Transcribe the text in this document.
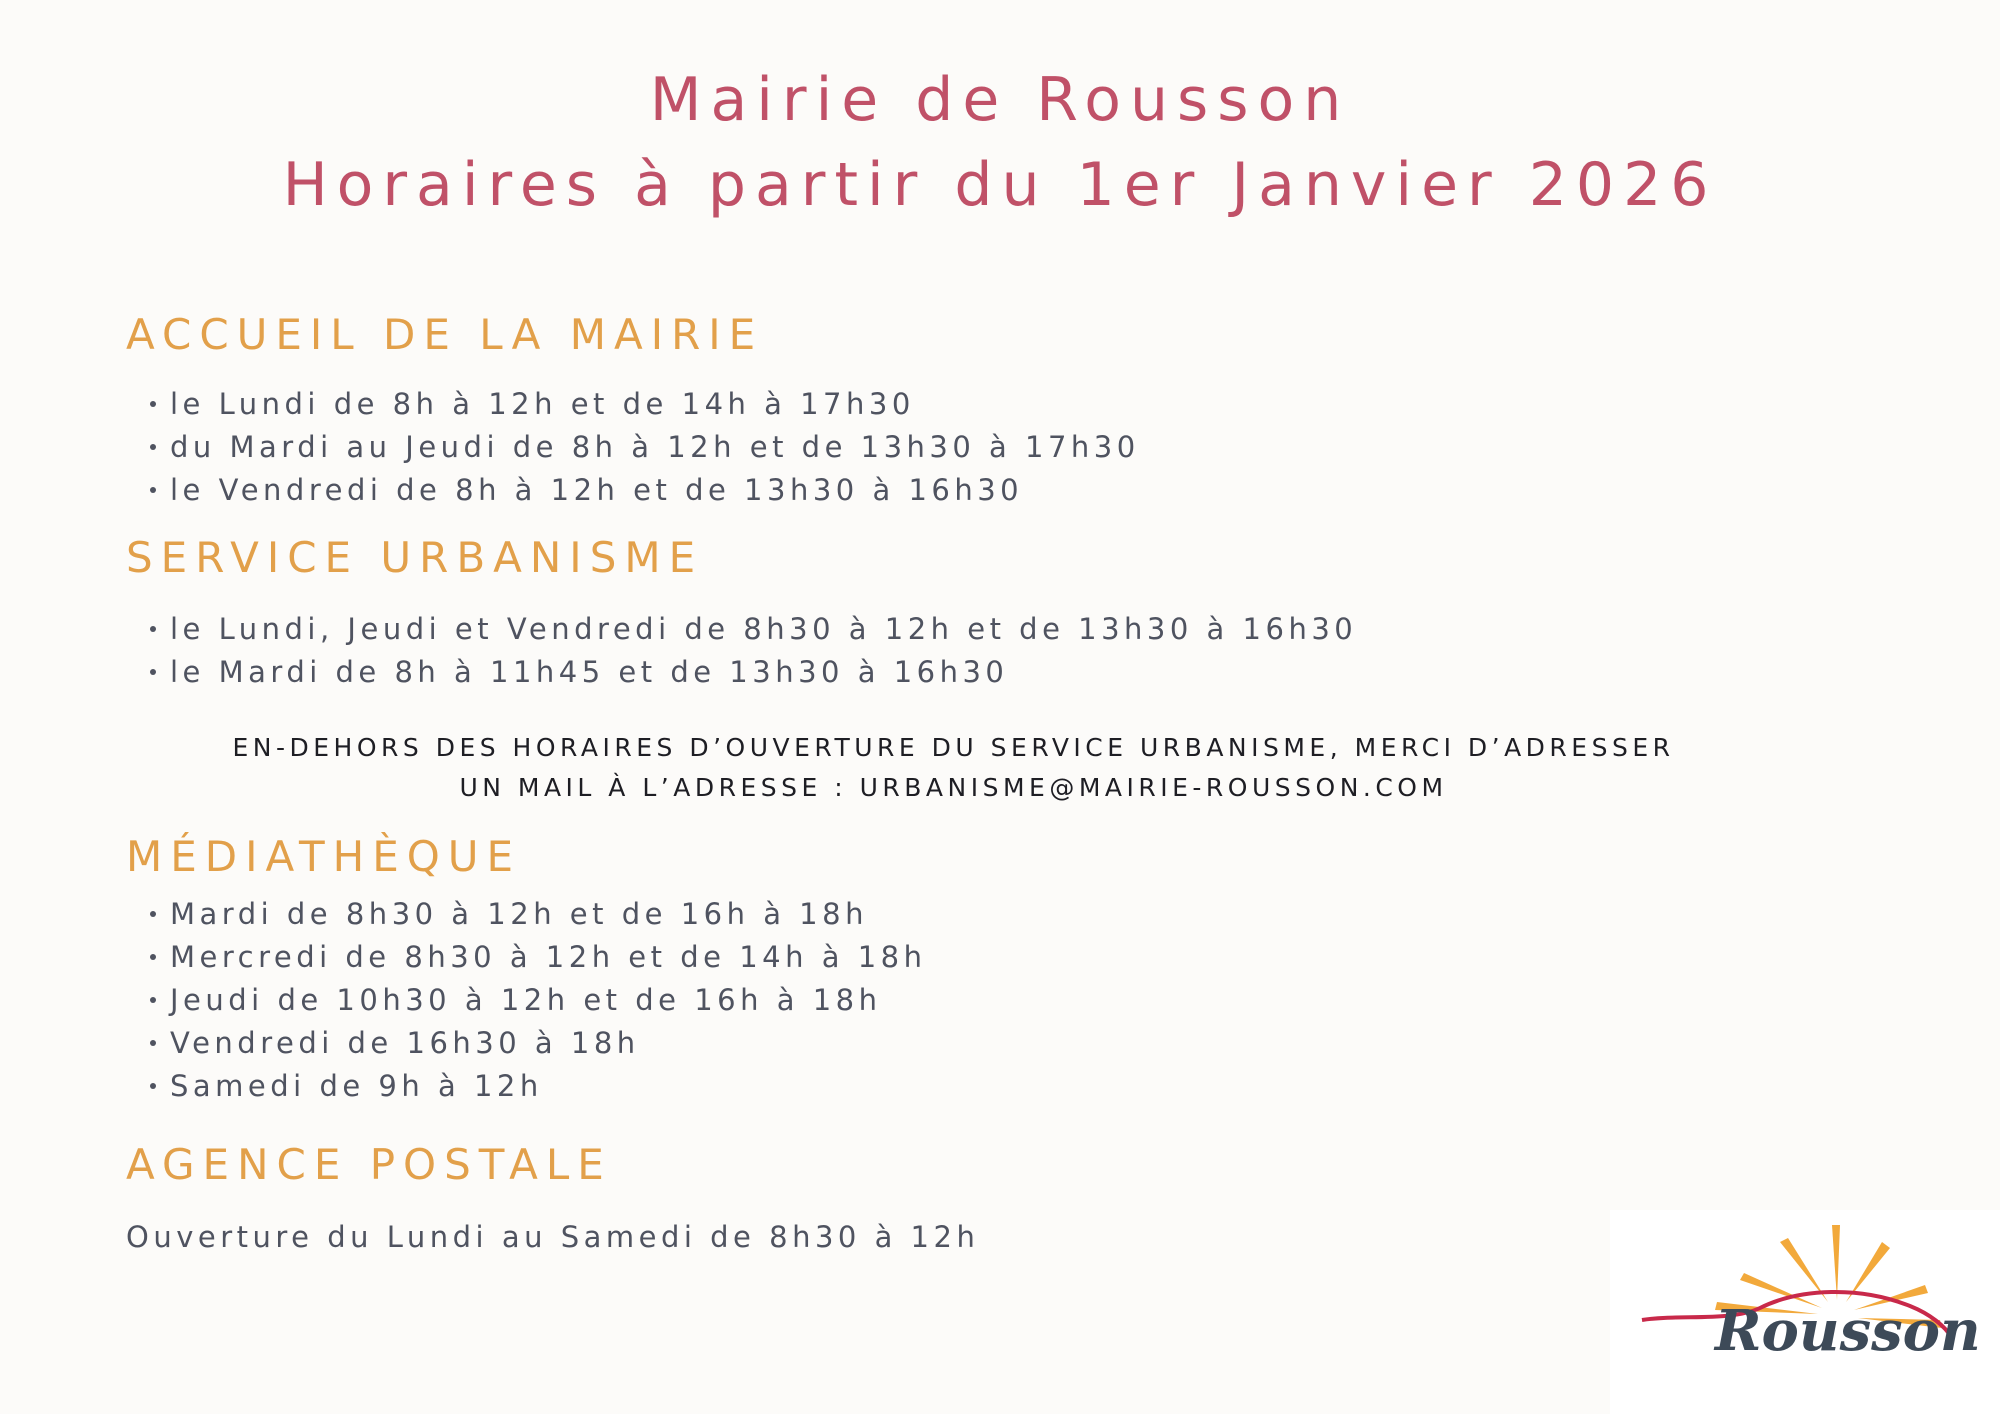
Mairie de Rousson
Horaires à partir du 1er Janvier 2026
ACCUEIL DE LA MAIRIE
le Lundi de 8h à 12h et de 14h à 17h30
du Mardi au Jeudi de 8h à 12h et de 13h30 à 17h30
le Vendredi de 8h à 12h et de 13h30 à 16h30
SERVICE URBANISME
le Lundi, Jeudi et Vendredi de 8h30 à 12h et de 13h30 à 16h30
le Mardi de 8h à 11h45 et de 13h30 à 16h30

EN-DEHORS DES HORAIRES D’OUVERTURE DU SERVICE URBANISME, MERCI D’ADRESSER

UN MAIL À L’ADRESSE : URBANISME@MAIRIE-ROUSSON.COM

MÉDIATHÈQUE
Mardi de 8h30 à 12h et de 16h à 18h
Mercredi de 8h30 à 12h et de 14h à 18h
Jeudi de 10h30 à 12h et de 16h à 18h
Vendredi de 16h30 à 18h
Samedi de 9h à 12h
AGENCE POSTALE

Ouverture du Lundi au Samedi de 8h30 à 12h

Rousson
